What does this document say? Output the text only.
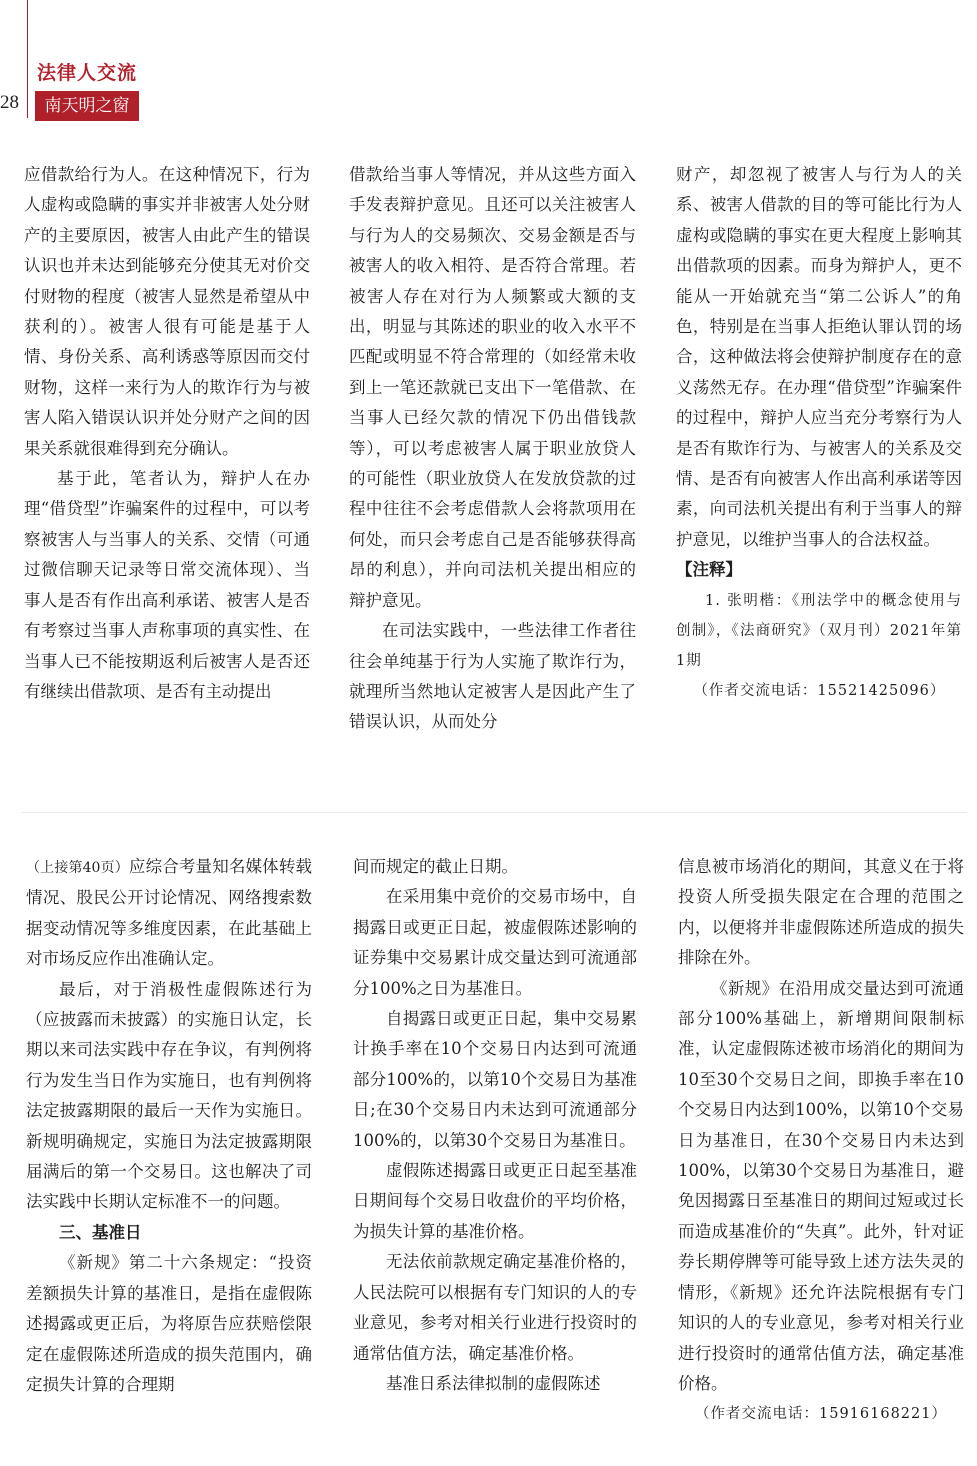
28
法律人交流
南天明之窗

应借款给行为人。在这种情况下，行为人虚构或隐瞒的事实并非被害人处分财产的主要原因，被害人由此产生的错误认识也并未达到能够充分使其无对价交付财物的程度（被害人显然是希望从中获利的）。被害人很有可能是基于人情、身份关系、高利诱惑等原因而交付财物，这样一来行为人的欺诈行为与被害人陷入错误认识并处分财产之间的因果关系就很难得到充分确认。

基于此，笔者认为，辩护人在办理“借贷型”诈骗案件的过程中，可以考察被害人与当事人的关系、交情（可通过微信聊天记录等日常交流体现）、当事人是否有作出高利承诺、被害人是否有考察过当事人声称事项的真实性、在当事人已不能按期返利后被害人是否还有继续出借款项、是否有主动提出

借款给当事人等情况，并从这些方面入手发表辩护意见。且还可以关注被害人与行为人的交易频次、交易金额是否与被害人的收入相符、是否符合常理。若被害人存在对行为人频繁或大额的支出，明显与其陈述的职业的收入水平不匹配或明显不符合常理的（如经常未收到上一笔还款就已支出下一笔借款、在当事人已经欠款的情况下仍出借钱款等），可以考虑被害人属于职业放贷人的可能性（职业放贷人在发放贷款的过程中往往不会考虑借款人会将款项用在何处，而只会考虑自己是否能够获得高昂的利息），并向司法机关提出相应的辩护意见。

在司法实践中，一些法律工作者往往会单纯基于行为人实施了欺诈行为，就理所当然地认定被害人是因此产生了错误认识，从而处分

财产，却忽视了被害人与行为人的关系、被害人借款的目的等可能比行为人虚构或隐瞒的事实在更大程度上影响其出借款项的因素。而身为辩护人，更不能从一开始就充当“第二公诉人”的角色，特别是在当事人拒绝认罪认罚的场合，这种做法将会使辩护制度存在的意义荡然无存。在办理“借贷型”诈骗案件的过程中，辩护人应当充分考察行为人是否有欺诈行为、与被害人的关系及交情、是否有向被害人作出高利承诺等因素，向司法机关提出有利于当事人的辩护意见，以维护当事人的合法权益。

【注释】

1. 张明楷：《刑法学中的概念使用与创制》，《法商研究》（双月刊）2021年第1期

（作者交流电话：15521425096）

（上接第40页）应综合考量知名媒体转载情况、股民公开讨论情况、网络搜索数据变动情况等多维度因素，在此基础上对市场反应作出准确认定。

最后，对于消极性虚假陈述行为（应披露而未披露）的实施日认定，长期以来司法实践中存在争议，有判例将行为发生当日作为实施日，也有判例将法定披露期限的最后一天作为实施日。新规明确规定，实施日为法定披露期限届满后的第一个交易日。这也解决了司法实践中长期认定标准不一的问题。

三、基准日

《新规》第二十六条规定：“投资差额损失计算的基准日，是指在虚假陈述揭露或更正后，为将原告应获赔偿限定在虚假陈述所造成的损失范围内，确定损失计算的合理期

间而规定的截止日期。

在采用集中竞价的交易市场中，自揭露日或更正日起，被虚假陈述影响的证券集中交易累计成交量达到可流通部分100%之日为基准日。

自揭露日或更正日起，集中交易累计换手率在10个交易日内达到可流通部分100%的，以第10个交易日为基准日;在30个交易日内未达到可流通部分100%的，以第30个交易日为基准日。

虚假陈述揭露日或更正日起至基准日期间每个交易日收盘价的平均价格，为损失计算的基准价格。

无法依前款规定确定基准价格的，人民法院可以根据有专门知识的人的专业意见，参考对相关行业进行投资时的通常估值方法，确定基准价格。

基准日系法律拟制的虚假陈述

信息被市场消化的期间，其意义在于将投资人所受损失限定在合理的范围之内，以便将并非虚假陈述所造成的损失排除在外。

《新规》在沿用成交量达到可流通部分100%基础上，新增期间限制标准，认定虚假陈述被市场消化的期间为10至30个交易日之间，即换手率在10个交易日内达到100%，以第10个交易日为基准日，在30个交易日内未达到100%，以第30个交易日为基准日，避免因揭露日至基准日的期间过短或过长而造成基准价的“失真”。此外，针对证券长期停牌等可能导致上述方法失灵的情形，《新规》还允许法院根据有专门知识的人的专业意见，参考对相关行业进行投资时的通常估值方法，确定基准价格。

（作者交流电话：15916168221）
